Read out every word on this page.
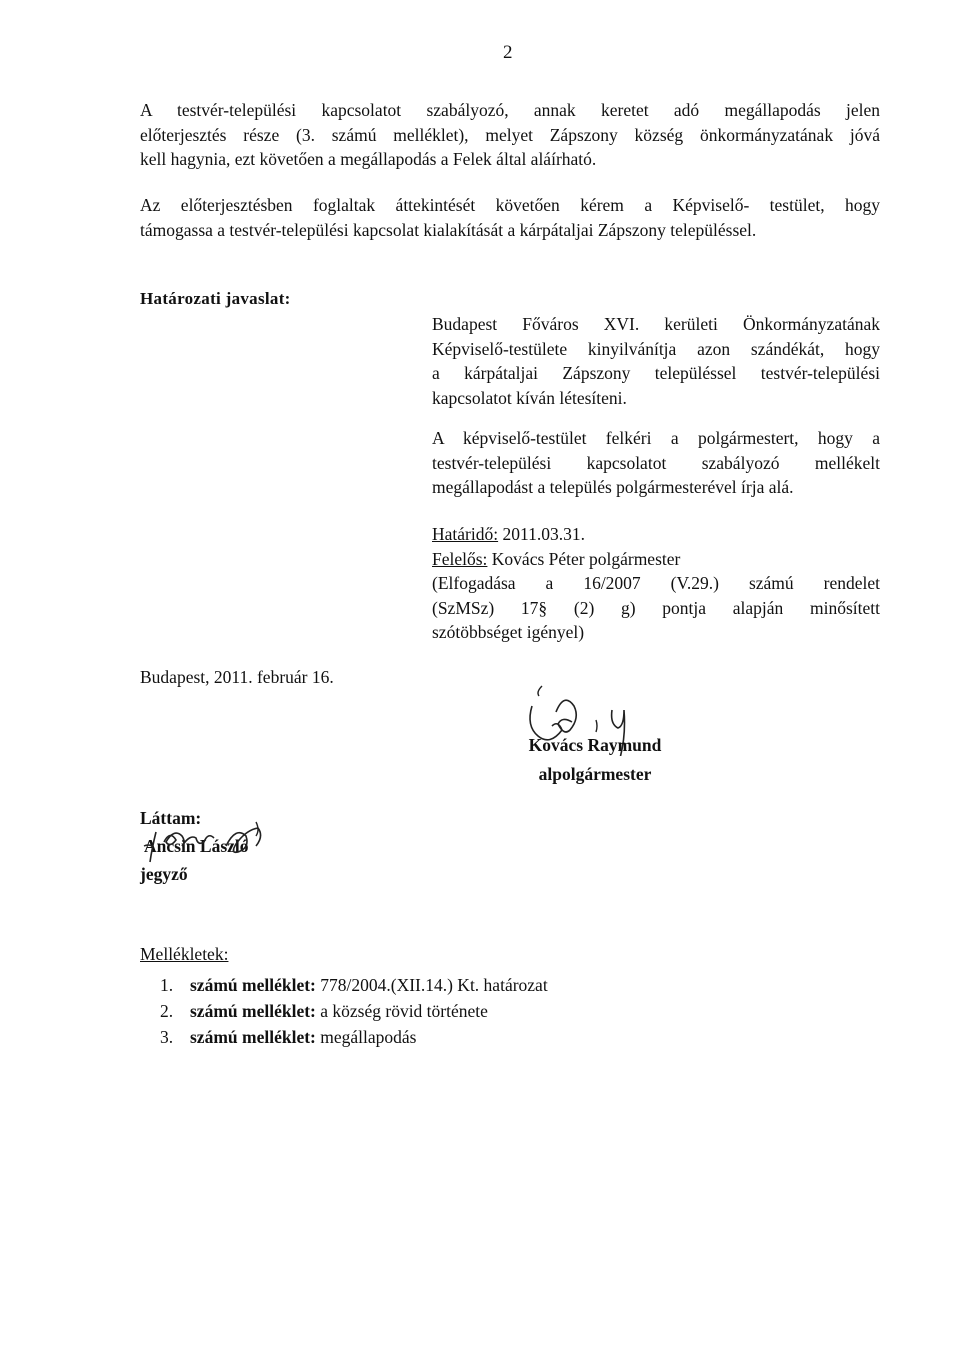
2
A testvér-települési kapcsolatot szabályozó, annak keretet adó megállapodás jelen
előterjesztés része (3. számú melléklet), melyet Zápszony község önkormányzatának jóvá
kell hagynia, ezt követően a megállapodás a Felek által aláírható.
Az előterjesztésben foglaltak áttekintését követően kérem a Képviselő- testület, hogy
támogassa a testvér-települési kapcsolat kialakítását a kárpátaljai Zápszony településsel.
Határozati javaslat:
Budapest Főváros XVI. kerületi Önkormányzatának
Képviselő-testülete kinyilvánítja azon szándékát, hogy
a kárpátaljai Zápszony településsel testvér-települési
kapcsolatot kíván létesíteni.
A képviselő-testület felkéri a polgármestert, hogy a
testvér-települési kapcsolatot szabályozó mellékelt
megállapodást a település polgármesterével írja alá.
Határidő: 2011.03.31.
Felelős: Kovács Péter polgármester
(Elfogadása a 16/2007 (V.29.) számú rendelet
(SzMSz) 17§ (2) g) pontja alapján minősített
szótöbbséget igényel)
Budapest, 2011. február 16.
Kovács Raymund
alpolgármester
Láttam:
Ancsin László
jegyző
Mellékletek:
1. számú melléklet: 778/2004.(XII.14.) Kt. határozat
2. számú melléklet: a község rövid története
3. számú melléklet: megállapodás
